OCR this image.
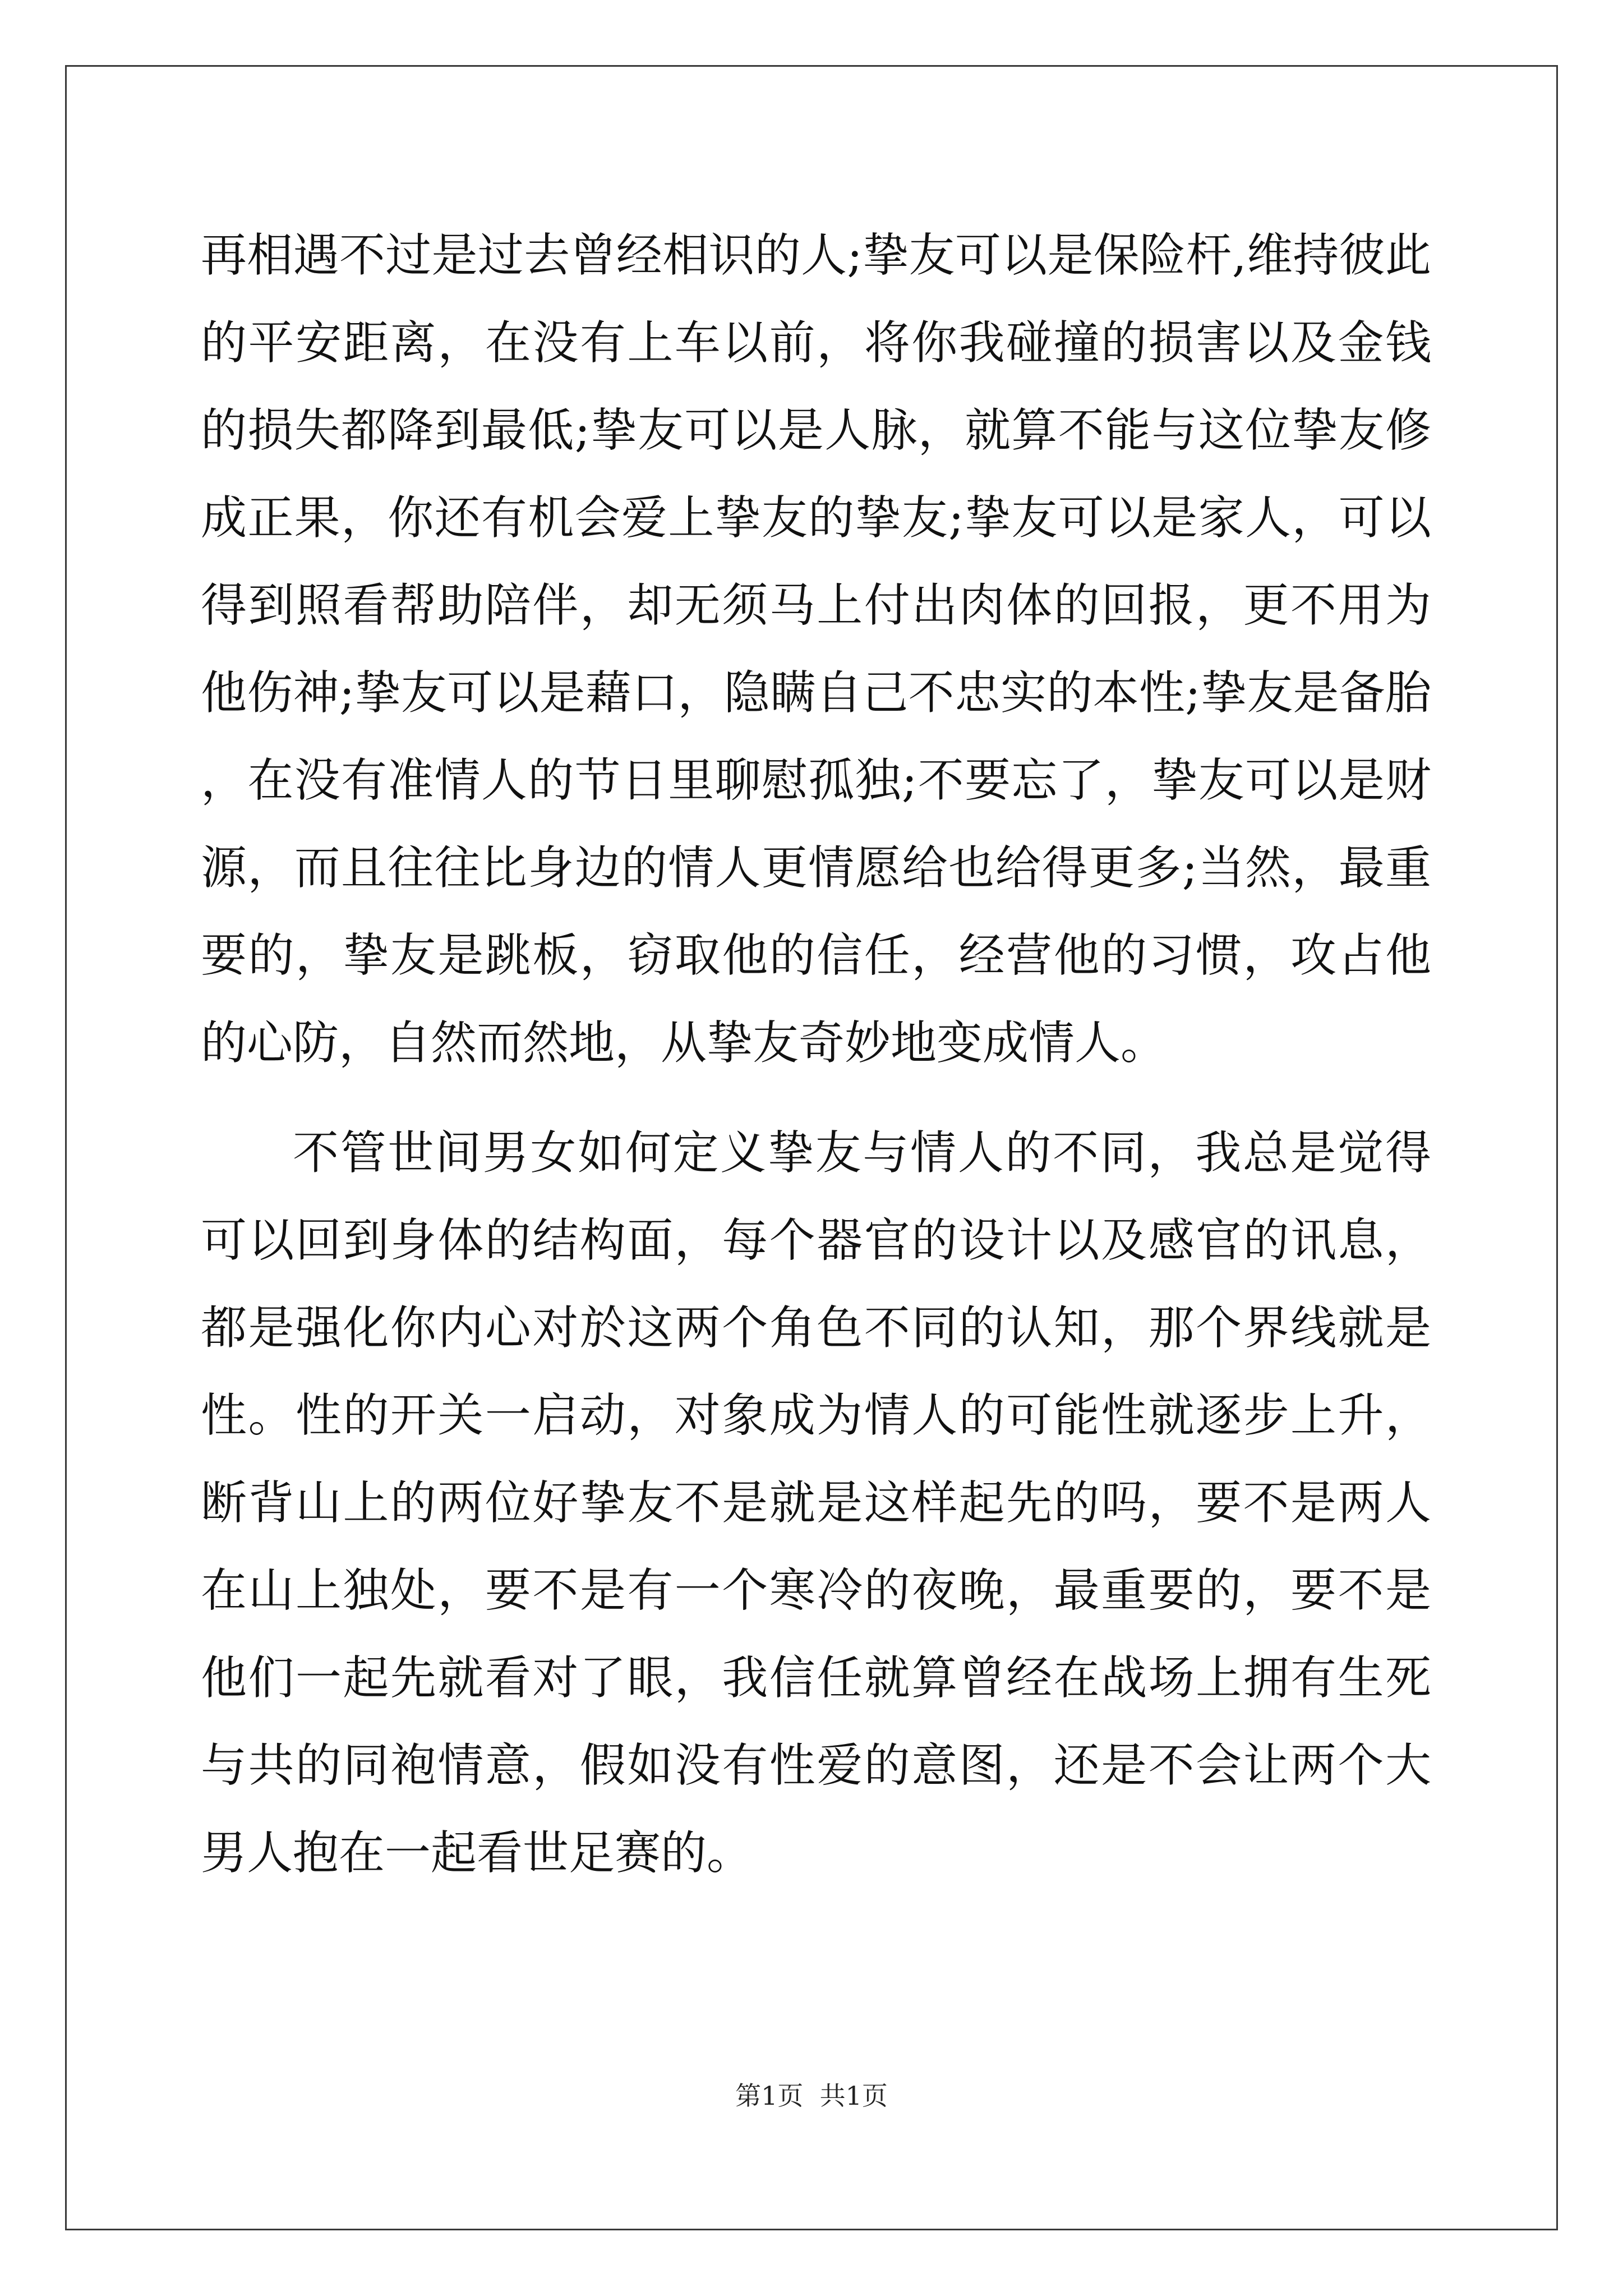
再相遇不过是过去曾经相识的人;挚友可以是保险杆,维持彼此的平安距离，在没有上车以前，将你我碰撞的损害以及金钱的损失都降到最低;挚友可以是人脉，就算不能与这位挚友修成正果，你还有机会爱上挚友的挚友;挚友可以是家人，可以得到照看帮助陪伴，却无须马上付出肉体的回报，更不用为他伤神;挚友可以是藉口，隐瞒自己不忠实的本性;挚友是备胎，在没有准情人的节日里聊慰孤独;不要忘了，挚友可以是财源，而且往往比身边的情人更情愿给也给得更多;当然，最重要的，挚友是跳板，窃取他的信任，经营他的习惯，攻占他的心防，自然而然地，从挚友奇妙地变成情人。

不管世间男女如何定义挚友与情人的不同，我总是觉得可以回到身体的结构面，每个器官的设计以及感官的讯息，都是强化你内心对於这两个角色不同的认知，那个界线就是性。性的开关一启动，对象成为情人的可能性就逐步上升，断背山上的两位好挚友不是就是这样起先的吗，要不是两人在山上独处，要不是有一个寒冷的夜晚，最重要的，要不是他们一起先就看对了眼，我信任就算曾经在战场上拥有生死与共的同袍情意，假如没有性爱的意图，还是不会让两个大男人抱在一起看世足赛的。

第1页  共1页
